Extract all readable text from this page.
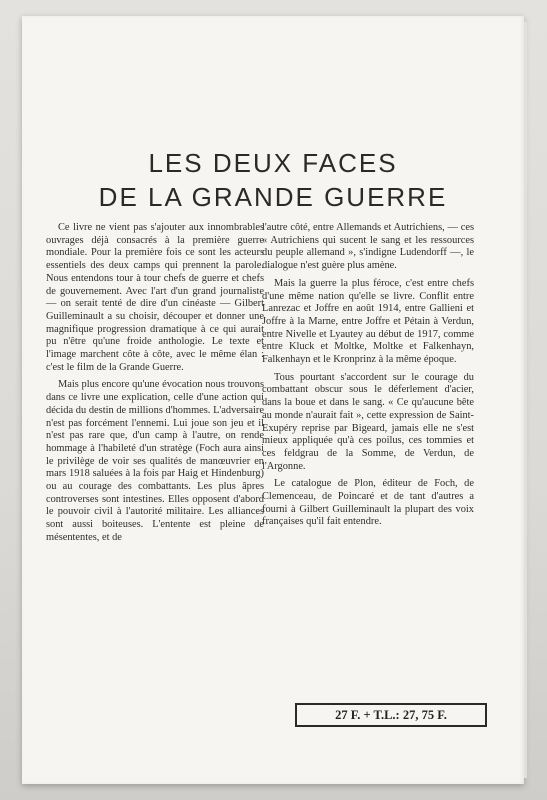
LES DEUX FACES
DE LA GRANDE GUERRE

Ce livre ne vient pas s'ajouter aux innombrables ouvrages déjà consacrés à la première guerre mondiale. Pour la première fois ce sont les acteurs essentiels des deux camps qui prennent la parole. Nous entendons tour à tour chefs de guerre et chefs de gouvernement. Avec l'art d'un grand journaliste — on serait tenté de dire d'un cinéaste — Gilbert Guilleminault a su choisir, découper et donner une magnifique progression dramatique à ce qui aurait pu n'être qu'une froide anthologie. Le texte et l'image marchent côte à côte, avec le même élan : c'est le film de la Grande Guerre.

Mais plus encore qu'une évocation nous trouvons dans ce livre une explication, celle d'une action qui décida du destin de millions d'hommes. L'adversaire n'est pas forcément l'ennemi. Lui joue son jeu et il n'est pas rare que, d'un camp à l'autre, on rende hommage à l'habileté d'un stratège (Foch aura ainsi le privilège de voir ses qualités de manœuvrier en mars 1918 saluées à la fois par Haig et Hindenburg) ou au courage des combattants. Les plus âpres controverses sont intestines. Elles opposent d'abord le pouvoir civil à l'autorité militaire. Les alliances sont aussi boiteuses. L'entente est pleine de mésententes, et de

l'autre côté, entre Allemands et Autrichiens, — ces « Autrichiens qui sucent le sang et les ressources du peuple allemand », s'indigne Ludendorff —, le dialogue n'est guère plus amène.

Mais la guerre la plus féroce, c'est entre chefs d'une même nation qu'elle se livre. Conflit entre Lanrezac et Joffre en août 1914, entre Gallieni et Joffre à la Marne, entre Joffre et Pétain à Verdun, entre Nivelle et Lyautey au début de 1917, comme entre Kluck et Moltke, Moltke et Falkenhayn, Falkenhayn et le Kronprinz à la même époque.

Tous pourtant s'accordent sur le courage du combattant obscur sous le déferlement d'acier, dans la boue et dans le sang. « Ce qu'aucune bête au monde n'aurait fait », cette expression de Saint-Exupéry reprise par Bigeard, jamais elle ne s'est mieux appliquée qu'à ces poilus, ces tommies et ces feldgrau de la Somme, de Verdun, de l'Argonne.

Le catalogue de Plon, éditeur de Foch, de Clemenceau, de Poincaré et de tant d'autres a fourni à Gilbert Guilleminault la plupart des voix françaises qu'il fait entendre.

27 F. + T.L.: 27, 75 F.
